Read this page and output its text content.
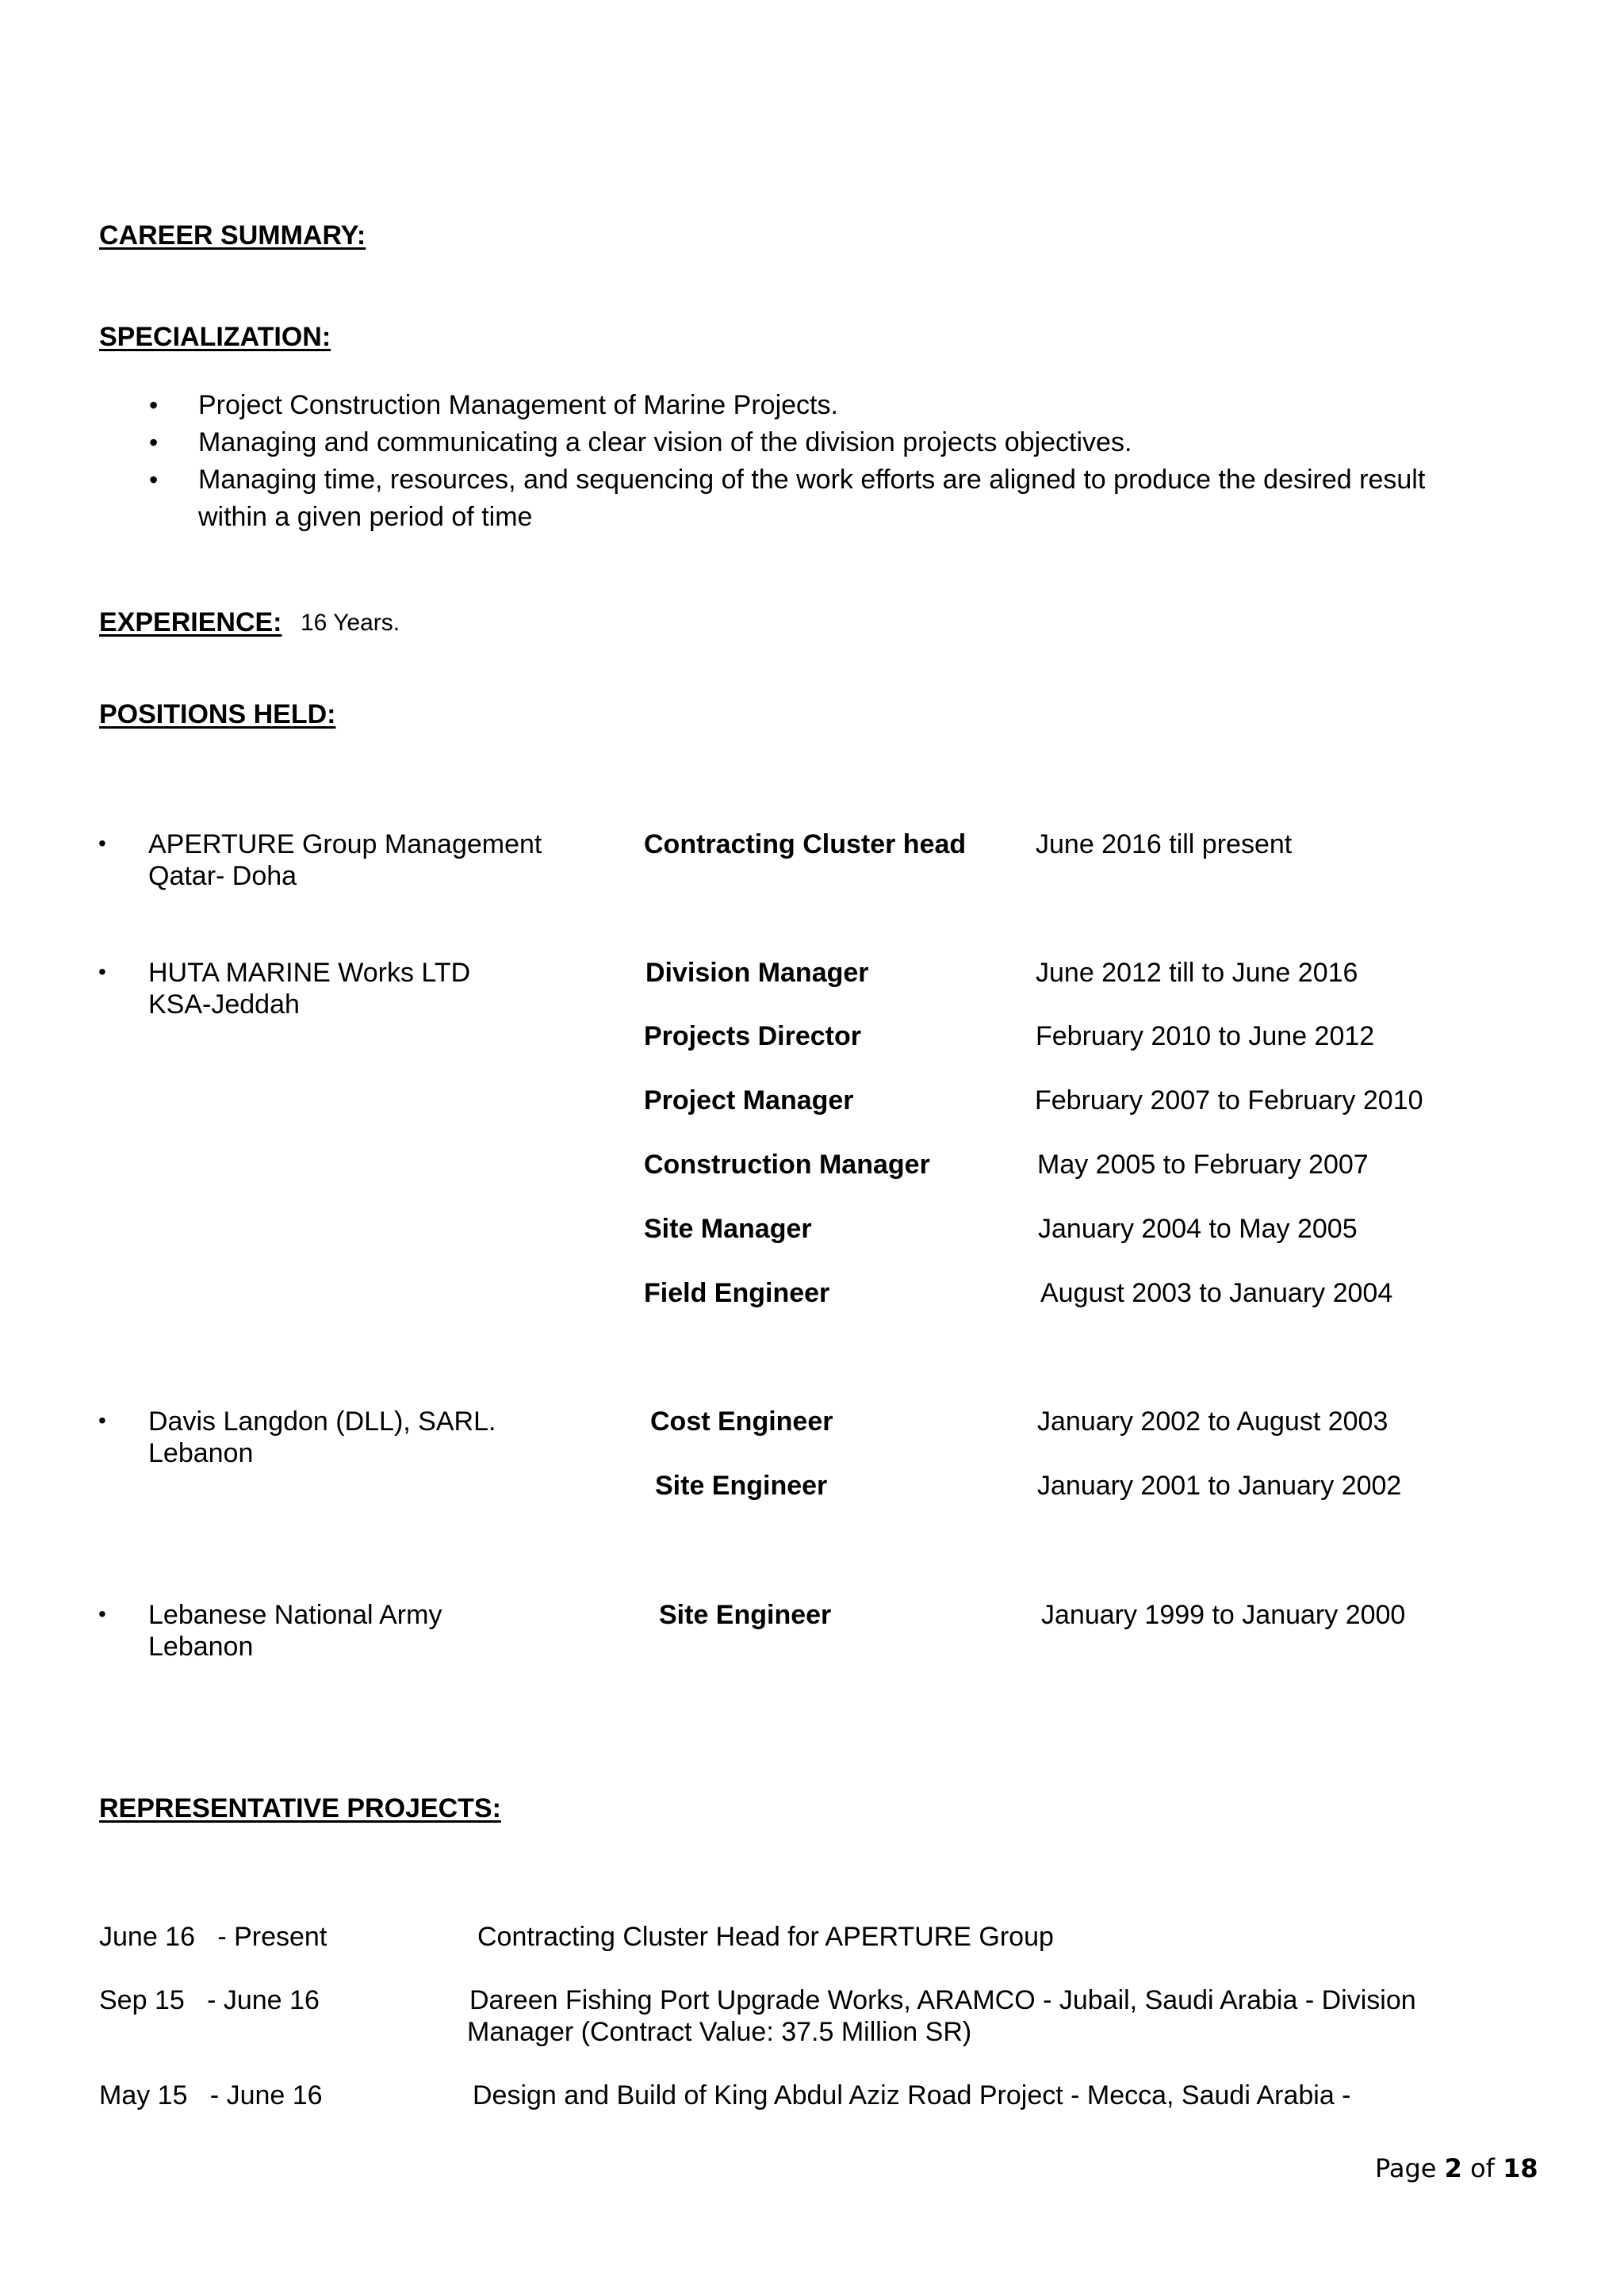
CAREER SUMMARY:
SPECIALIZATION:
• Project Construction Management of Marine Projects.
• Managing and communicating a clear vision of the division projects objectives.
• Managing time, resources, and sequencing of the work efforts are aligned to produce the desired result within a given period of time
EXPERIENCE: 16 Years.
POSITIONS HELD:
• APERTURE Group Management
Qatar- Doha
Contracting Cluster head	June 2016 till present
• HUTA MARINE Works LTD
KSA-Jeddah
Division Manager	June 2012 till to June 2016
Projects Director	February 2010 to June 2012
Project Manager	February 2007 to February 2010
Construction Manager	May 2005 to February 2007
Site Manager	January 2004 to May 2005
Field Engineer	August 2003 to January 2004
• Davis Langdon (DLL), SARL.
Lebanon
Cost Engineer	January 2002 to August 2003
Site Engineer	January 2001 to January 2002
• Lebanese National Army
Lebanon
Site Engineer	January 1999 to January 2000
REPRESENTATIVE PROJECTS:
June 16   - Present	Contracting Cluster Head for APERTURE Group
Sep 15   - June 16	Dareen Fishing Port Upgrade Works, ARAMCO - Jubail, Saudi Arabia - Division
Manager (Contract Value: 37.5 Million SR)
May 15   - June 16	Design and Build of King Abdul Aziz Road Project - Mecca, Saudi Arabia -
Page 2 of 18
